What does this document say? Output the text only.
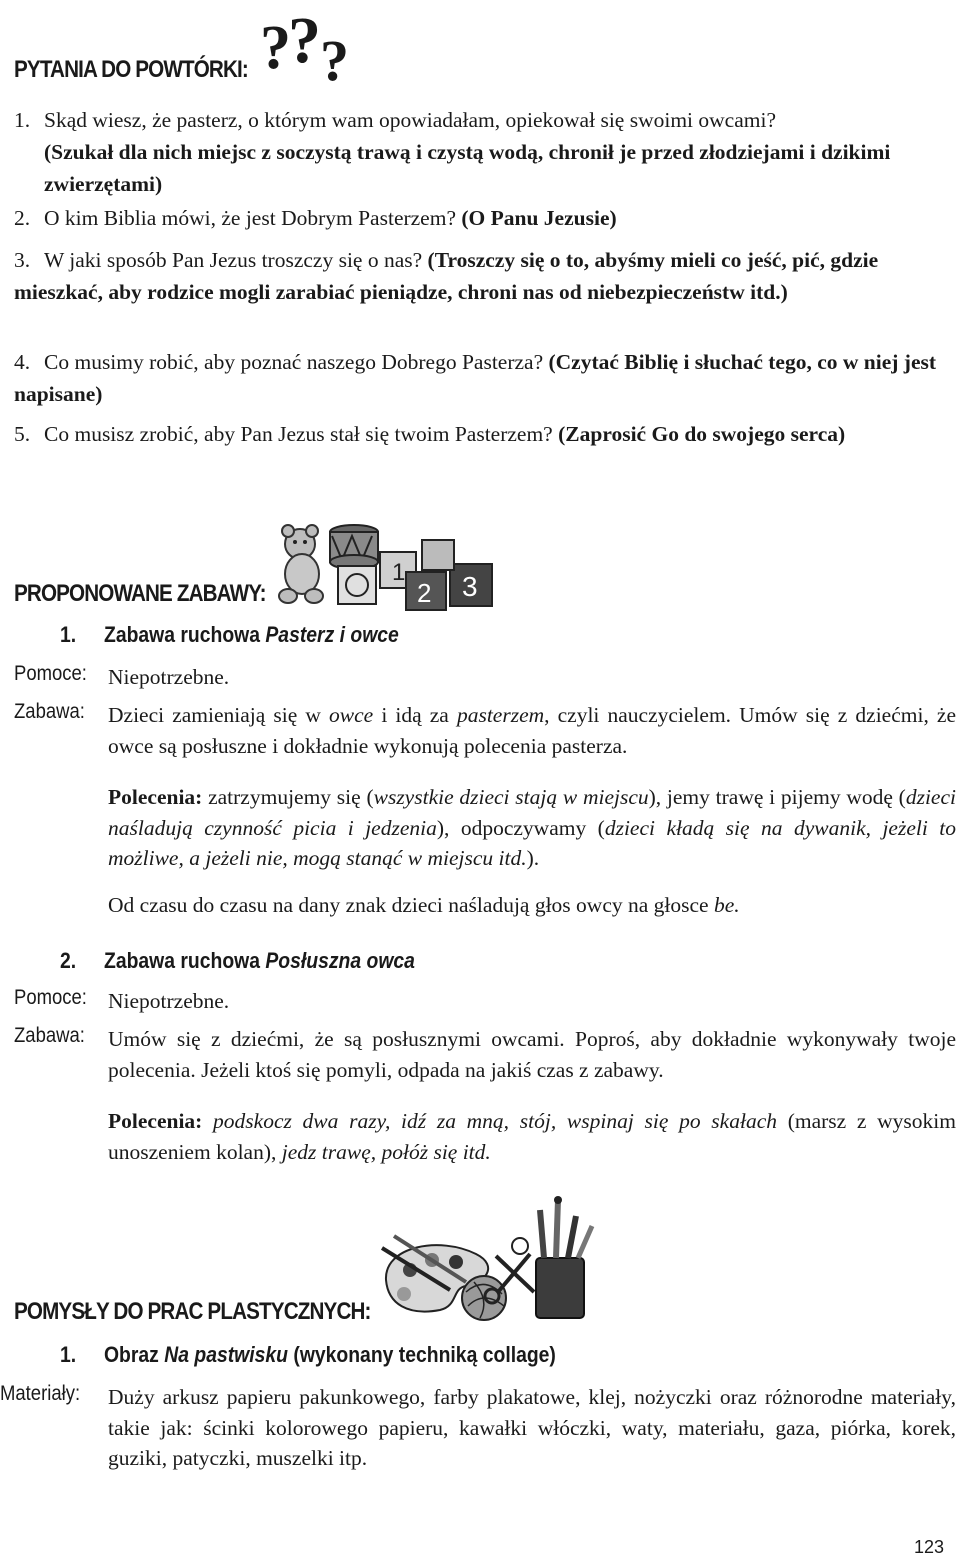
PYTANIA DO POWTÓRKI: ?
? ?
1. Skąd wiesz, że pasterz, o którym wam opowiadałam, opiekował się swoimi owcami?

(Szukał dla nich miejsc z soczystą trawą i czystą wodą, chronił je przed złodziejami i dzikimi zwierzętami)
2. O kim Biblia mówi, że jest Dobrym Pasterzem? (O Panu Jezusie)
3. W jaki sposób Pan Jezus troszczy się o nas? (Troszczy się o to, abyśmy mieli co jeść, pić, gdzie mieszkać, aby rodzice mogli zarabiać pieniądze, chroni nas od niebezpieczeństw itd.)
4. Co musimy robić, aby poznać naszego Dobrego Pasterza? (Czytać Biblię i słuchać tego, co w niej jest napisane)
5. Co musisz zrobić, aby Pan Jezus stał się twoim Pasterzem? (Zaprosić Go do swojego serca)
1
2 3
PROPONOWANE ZABAWY:
1. Zabawa ruchowa Pasterz i owce
Pomoce: Niepotrzebne.
Zabawa: Dzieci zamieniają się w owce i idą za pasterzem, czyli nauczycielem. Umów się z dziećmi, że owce są posłuszne i dokładnie wykonują polecenia pasterza.
Polecenia: zatrzymujemy się (wszystkie dzieci stają w miejscu), jemy trawę i pijemy wodę (dzieci naśladują czynność picia i jedzenia), odpoczywamy (dzieci kładą się na dywanik, jeżeli to możliwe, a jeżeli nie, mogą stanąć w miejscu itd.).
Od czasu do czasu na dany znak dzieci naśladują głos owcy na głosce be.
2. Zabawa ruchowa Posłuszna owca
Pomoce: Niepotrzebne.
Zabawa: Umów się z dziećmi, że są posłusznymi owcami. Poproś, aby dokładnie wykonywały twoje polecenia. Jeżeli ktoś się pomyli, odpada na jakiś czas z zabawy.
Polecenia: podskocz dwa razy, idź za mną, stój, wspinaj się po skałach (marsz z wysokim unoszeniem kolan), jedz trawę, połóż się itd.
POMYSŁY DO PRAC PLASTYCZNYCH:
1. Obraz Na pastwisku (wykonany techniką collage)
Materiały: Duży arkusz papieru pakunkowego, farby plakatowe, klej, nożyczki oraz różnorodne materiały, takie jak: ścinki kolorowego papieru, kawałki włóczki, waty, materiału, gaza, piórka, korek, guziki, patyczki, muszelki itp.
123
